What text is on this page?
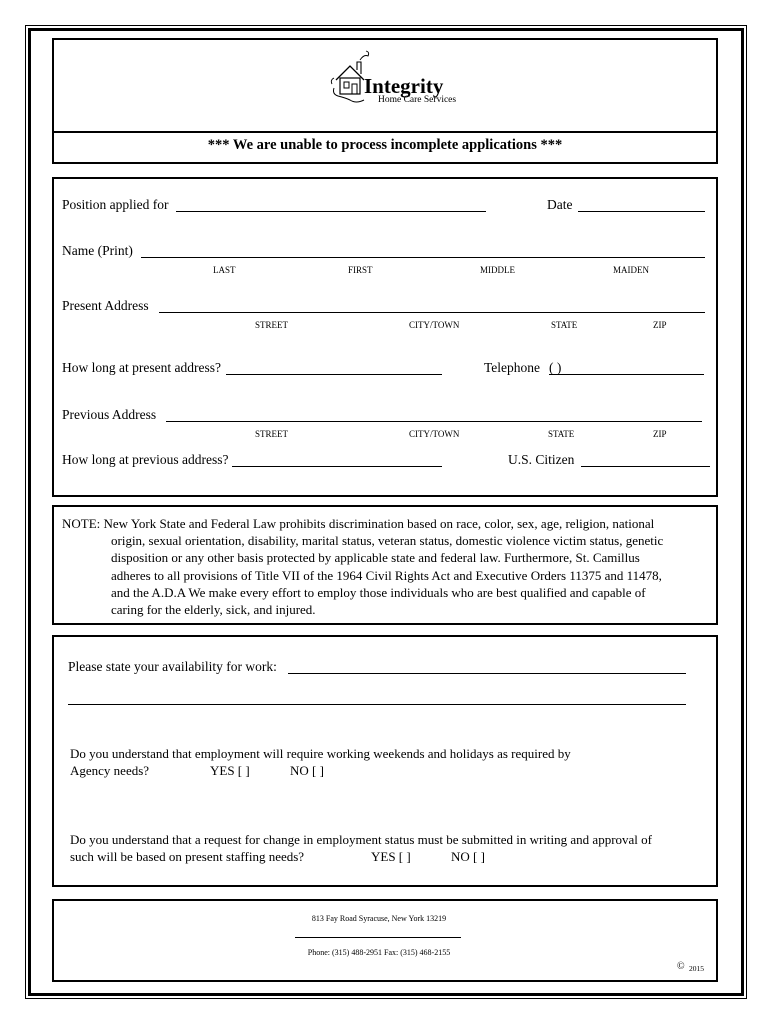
Integrity
Home Care Services
*** We are unable to process incomplete applications ***
Position applied for	Date
Name (Print)
LAST	FIRST	MIDDLE	MAIDEN
Present Address
STREET	CITY/TOWN	STATE	ZIP
How long at present address?	Telephone ( )
Previous Address
STREET	CITY/TOWN	STATE	ZIP
How long at previous address?	U.S. Citizen
NOTE: New York State and Federal Law prohibits discrimination based on race, color, sex, age, religion, national
origin, sexual orientation, disability, marital status, veteran status, domestic violence victim status, genetic
disposition or any other basis protected by applicable state and federal law. Furthermore, St. Camillus
adheres to all provisions of Title VII of the 1964 Civil Rights Act and Executive Orders 11375 and 11478,
and the A.D.A We make every effort to employ those individuals who are best qualified and capable of
caring for the elderly, sick, and injured.
Please state your availability for work:
Do you understand that employment will require working weekends and holidays as required by
Agency needs?	YES [ ]	NO [ ]
Do you understand that a request for change in employment status must be submitted in writing and approval of
such will be based on present staffing needs?	YES [ ]	NO [ ]
813 Fay Road Syracuse, New York 13219
Phone: (315) 488-2951 Fax: (315) 468-2155
© 2015
